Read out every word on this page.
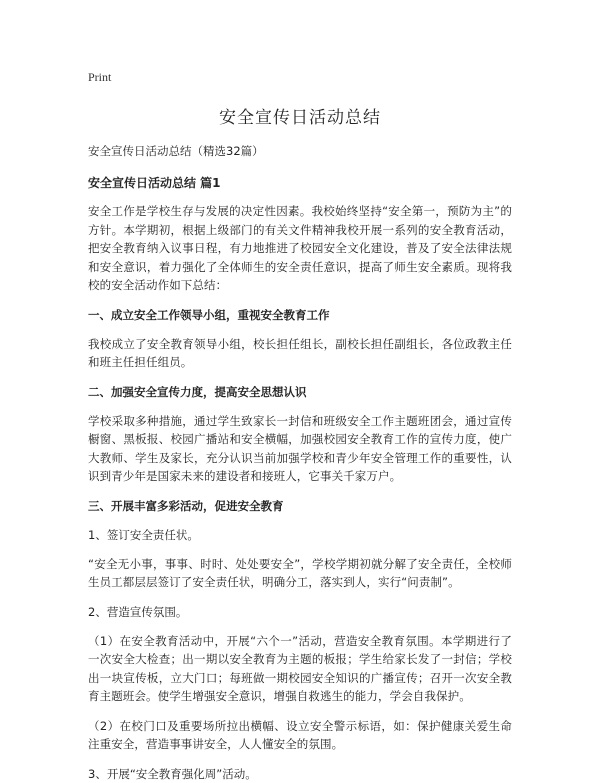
Print
安全宣传日活动总结
安全宣传日活动总结（精选32篇）
安全宣传日活动总结 篇1

安全工作是学校生存与发展的决定性因素。我校始终坚持“安全第一，预防为主”的方针。本学期初，根据上级部门的有关文件精神我校开展一系列的安全教育活动，把安全教育纳入议事日程，有力地推进了校园安全文化建设，普及了安全法律法规和安全意识，着力强化了全体师生的安全责任意识，提高了师生安全素质。现将我校的安全活动作如下总结：

一、成立安全工作领导小组，重视安全教育工作

我校成立了安全教育领导小组，校长担任组长，副校长担任副组长，各位政教主任和班主任担任组员。

二、加强安全宣传力度，提高安全思想认识

学校采取多种措施，通过学生致家长一封信和班级安全工作主题班团会，通过宣传橱窗、黑板报、校园广播站和安全横幅，加强校园安全教育工作的宣传力度，使广大教师、学生及家长，充分认识当前加强学校和青少年安全管理工作的重要性，认识到青少年是国家未来的建设者和接班人，它事关千家万户。

三、开展丰富多彩活动，促进安全教育
1、签订安全责任状。

“安全无小事，事事、时时、处处要安全”，学校学期初就分解了安全责任，全校师生员工都层层签订了安全责任状，明确分工，落实到人，实行“问责制”。

2、营造宣传氛围。

（1）在安全教育活动中，开展“六个一”活动，营造安全教育氛围。本学期进行了一次安全大检查；出一期以安全教育为主题的板报；学生给家长发了一封信；学校出一块宣传板，立大门口；每班做一期校园安全知识的广播宣传；召开一次安全教育主题班会。使学生增强安全意识，增强自救逃生的能力，学会自我保护。

（2）在校门口及重要场所拉出横幅、设立安全警示标语，如：保护健康关爱生命注重安全，营造事事讲安全，人人懂安全的氛围。

3、开展“安全教育强化周”活动。
